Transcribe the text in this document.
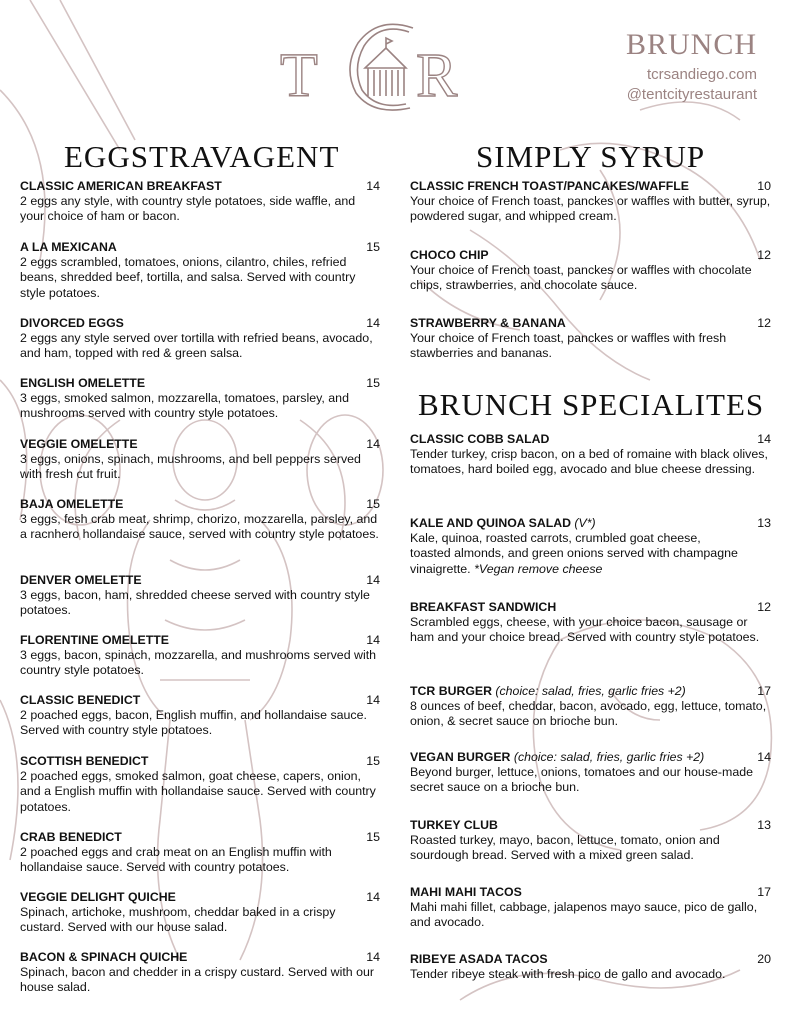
T R	BRUNCH
tcrsandiego.com
@tentcityrestaurant
EGGSTRAVAGENT
CLASSIC AMERICAN BREAKFAST	14
2 eggs any style, with country style potatoes, side waffle, and your choice of ham or bacon.
A LA MEXICANA	15
2 eggs scrambled, tomatoes, onions, cilantro, chiles, refried beans, shredded beef, tortilla, and salsa. Served with country style potatoes.
DIVORCED EGGS	14
2 eggs any style served over tortilla with refried beans, avocado, and ham, topped with red & green salsa.
ENGLISH OMELETTE	15
3 eggs, smoked salmon, mozzarella, tomatoes, parsley, and mushrooms served with country style potatoes.
VEGGIE OMELETTE	14
3 eggs, onions, spinach, mushrooms, and bell peppers served with fresh cut fruit.
BAJA OMELETTE	15
3 eggs, fesh crab meat, shrimp, chorizo, mozzarella, parsley, and a racnhero hollandaise sauce, served with country style potatoes.
DENVER OMELETTE	14
3 eggs, bacon, ham, shredded cheese served with country style potatoes.
FLORENTINE OMELETTE	14
3 eggs, bacon, spinach, mozzarella, and mushrooms served with country style potatoes.
CLASSIC BENEDICT	14
2 poached eggs, bacon, English muffin, and hollandaise sauce. Served with country style potatoes.
SCOTTISH BENEDICT	15
2 poached eggs, smoked salmon, goat cheese, capers, onion, and a English muffin with hollandaise sauce. Served with country potatoes.
CRAB BENEDICT	15
2 poached eggs and crab meat on an English muffin with hollandaise sauce. Served with country potatoes.
VEGGIE DELIGHT QUICHE	14
Spinach, artichoke, mushroom, cheddar baked in a crispy custard. Served with our house salad.
BACON & SPINACH QUICHE	14
Spinach, bacon and chedder in a crispy custard. Served with our house salad.
SIMPLY SYRUP
CLASSIC FRENCH TOAST/PANCAKES/WAFFLE	10
Your choice of French toast, panckes or waffles with butter, syrup, powdered sugar, and whipped cream.
CHOCO CHIP	12
Your choice of French toast, panckes or waffles with chocolate chips, strawberries, and chocolate sauce.
STRAWBERRY & BANANA	12
Your choice of French toast, panckes or waffles with fresh stawberries and bananas.
BRUNCH SPECIALITES
CLASSIC COBB SALAD	14
Tender turkey, crisp bacon, on a bed of romaine with black olives, tomatoes, hard boiled egg, avocado and blue cheese dressing.
KALE AND QUINOA SALAD (V*)	13
Kale, quinoa, roasted carrots, crumbled goat cheese, toasted almonds, and green onions served with champagne vinaigrette. *Vegan remove cheese
BREAKFAST SANDWICH	12
Scrambled eggs, cheese, with your choice bacon, sausage or ham and your choice bread. Served with country style potatoes.
TCR BURGER (choice: salad, fries, garlic fries +2)	17
8 ounces of beef, cheddar, bacon, avocado, egg, lettuce, tomato, onion, & secret sauce on brioche bun.
VEGAN BURGER (choice: salad, fries, garlic fries +2)	14
Beyond burger, lettuce, onions, tomatoes and our house-made secret sauce on a brioche bun.
TURKEY CLUB	13
Roasted turkey, mayo, bacon, lettuce, tomato, onion and sourdough bread. Served with a mixed green salad.
MAHI MAHI TACOS	17
Mahi mahi fillet, cabbage, jalapenos mayo sauce, pico de gallo, and avocado.
RIBEYE ASADA TACOS	20
Tender ribeye steak with fresh pico de gallo and avocado.
